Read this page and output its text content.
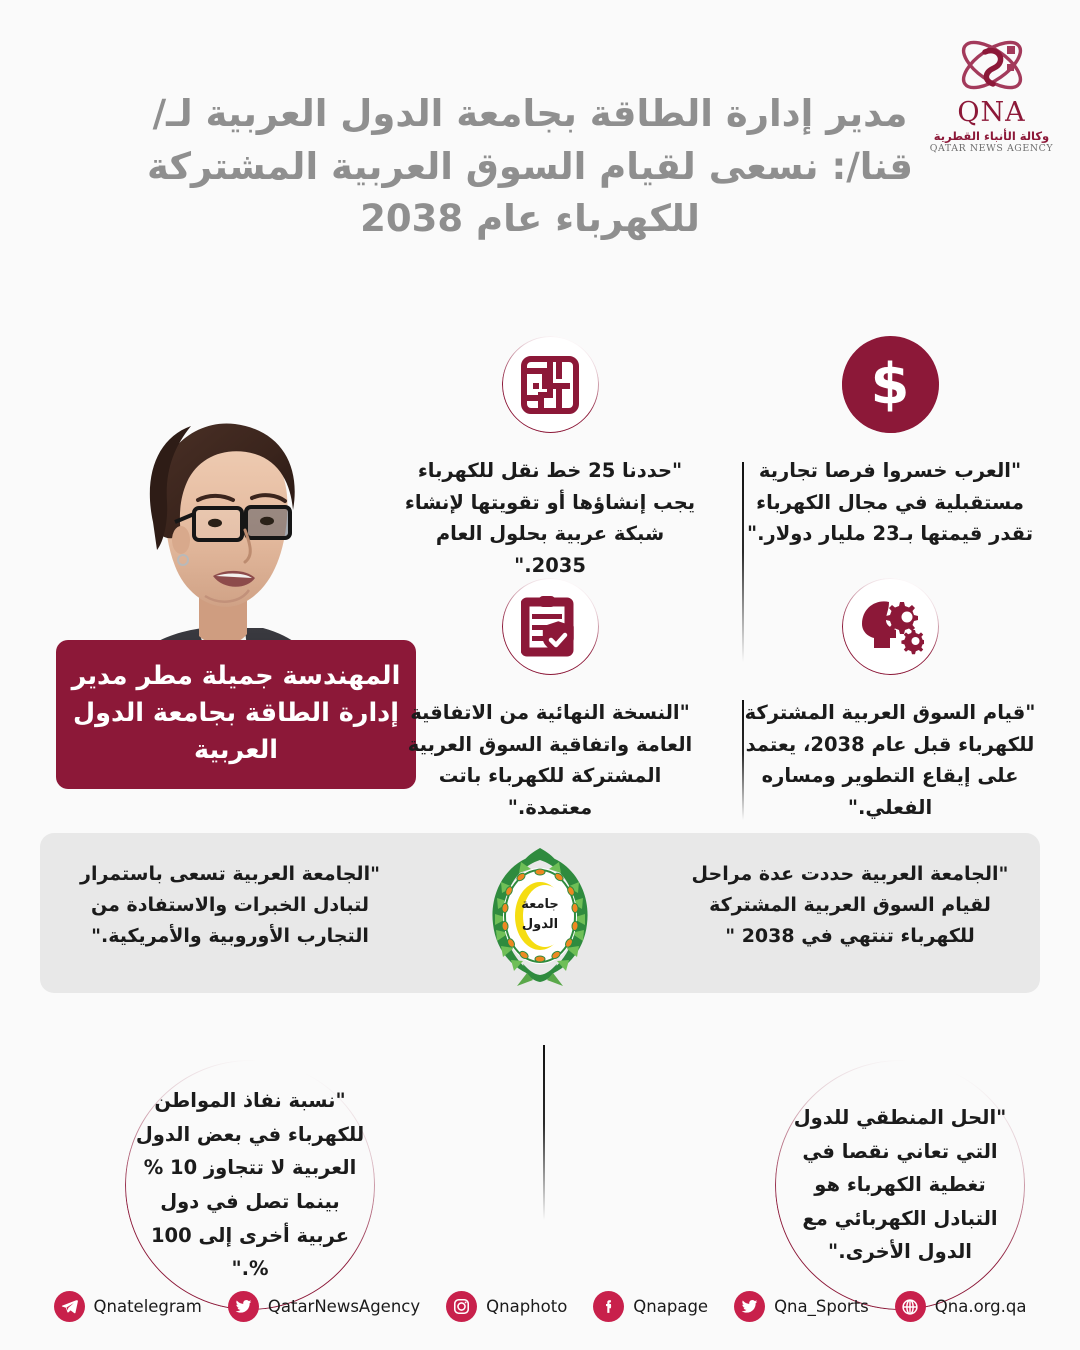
QNA
وكالة الأنباء القطرية
QATAR NEWS AGENCY
مدير إدارة الطاقة بجامعة الدول العربية لـ/قنا/: نسعى لقيام السوق العربية المشتركة للكهرباء عام 2038
المهندسة جميلة مطر مدير إدارة الطاقة بجامعة الدول العربية
$
"العرب خسروا فرصا تجارية مستقبلية في مجال الكهرباء تقدر قيمتها بـ23 مليار دولار."
"حددنا 25 خط نقل للكهرباء يجب إنشاؤها أو تقويتها لإنشاء شبكة عربية بحلول العام 2035."
"قيام السوق العربية المشتركة للكهرباء قبل عام 2038، يعتمد على إيقاع التطوير ومساره الفعلي."
"النسخة النهائية من الاتفاقية العامة واتفاقية السوق العربية المشتركة للكهرباء باتت معتمدة."
"الجامعة العربية حددت عدة مراحل لقيام السوق العربية المشتركة للكهرباء تنتهي في 2038 "
"الجامعة العربية تسعى باستمرار لتبادل الخبرات والاستفادة من التجارب الأوروبية والأمريكية."
جامعة
الدول
"نسبة نفاذ المواطن للكهرباء في بعض الدول العربية لا تتجاوز 10 % بينما تصل في دول عربية أخرى إلى 100 %."
"الحل المنطقي للدول التي تعاني نقصا في تغطية الكهرباء هو التبادل الكهربائي مع الدول الأخرى."
Qnatelegram	QatarNewsAgency	Qnaphoto	Qnapage	Qna_Sports	Qna.org.qa
